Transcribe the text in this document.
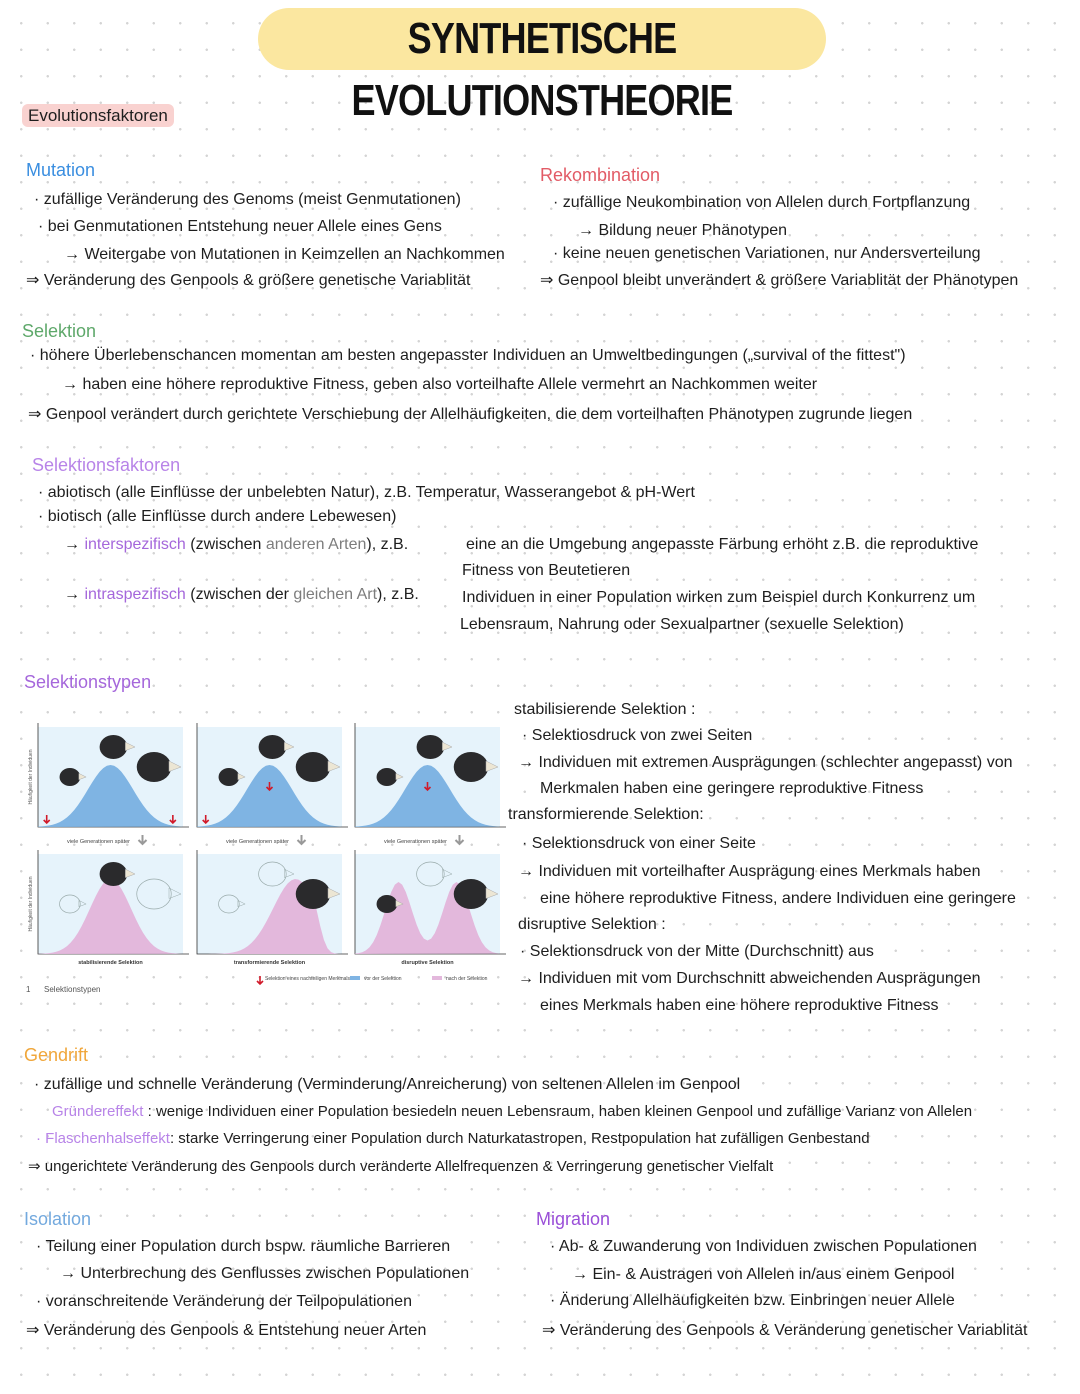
SYNTHETISCHE EVOLUTIONSTHEORIE
Evolutionsfaktoren
Mutation
· zufällige Veränderung des Genoms (meist Genmutationen)
· bei Genmutationen Entstehung neuer Allele eines Gens
→ Weitergabe von Mutationen in Keimzellen an Nachkommen
⇒ Veränderung des Genpools & größere genetische Variablität
Rekombination
· zufällige Neukombination von Allelen durch Fortpflanzung
→ Bildung neuer Phänotypen
· keine neuen genetischen Variationen, nur Andersverteilung
⇒ Genpool bleibt unverändert & größere Variablität der Phänotypen
Selektion
· höhere Überlebenschancen momentan am besten angepasster Individuen an Umweltbedingungen („survival of the fittest")
→ haben eine höhere reproduktive Fitness, geben also vorteilhafte Allele vermehrt an Nachkommen weiter
⇒ Genpool verändert durch gerichtete Verschiebung der Allelhäufigkeiten, die dem vorteilhaften Phänotypen zugrunde liegen
Selektionsfaktoren
· abiotisch (alle Einflüsse der unbelebten Natur), z.B. Temperatur, Wasserangebot & pH-Wert
· biotisch (alle Einflüsse durch andere Lebewesen)
→ interspezifisch (zwischen anderen Arten), z.B.	eine an die Umgebung angepasste Färbung erhöht z.B. die reproduktive
Fitness von Beutetieren
→ intraspezifisch (zwischen der gleichen Art), z.B.	Individuen in einer Population wirken zum Beispiel durch Konkurrenz um
Lebensraum, Nahrung oder Sexualpartner (sexuelle Selektion)
Selektionstypen
stabilisierende Selektion
viele Generationen später
transformierende Selektion
viele Generationen später
disruptive Selektion
viele Generationen später
Häufigkeit der Individuen
Häufigkeit der Individuen
Selektion eines nachteiligen Merkmals	vor der Selektion	nach der Selektion
1 Selektionstypen
stabilisierende Selektion :
· Selektiosdruck von zwei Seiten
→ Individuen mit extremen Ausprägungen (schlechter angepasst) von
Merkmalen haben eine geringere reproduktive Fitness
transformierende Selektion:
· Selektionsdruck von einer Seite
→ Individuen mit vorteilhafter Ausprägung eines Merkmals haben
eine höhere reproduktive Fitness, andere Individuen eine geringere
disruptive Selektion :
· Selektionsdruck von der Mitte (Durchschnitt) aus
→ Individuen mit vom Durchschnitt abweichenden Ausprägungen
eines Merkmals haben eine höhere reproduktive Fitness
Gendrift
· zufällige und schnelle Veränderung (Verminderung/Anreicherung) von seltenen Allelen im Genpool
Gründereffekt : wenige Individuen einer Population besiedeln neuen Lebensraum, haben kleinen Genpool und zufällige Varianz von Allelen
· Flaschenhalseffekt: starke Verringerung einer Population durch Naturkatastropen, Restpopulation hat zufälligen Genbestand
⇒ ungerichtete Veränderung des Genpools durch veränderte Allelfrequenzen & Verringerung genetischer Vielfalt
Isolation
· Teilung einer Population durch bspw. räumliche Barrieren
→ Unterbrechung des Genflusses zwischen Populationen
· voranschreitende Veränderung der Teilpopulationen
⇒ Veränderung des Genpools & Entstehung neuer Arten
Migration
· Ab- & Zuwanderung von Individuen zwischen Populationen
→ Ein- & Austragen von Allelen in/aus einem Genpool
· Änderung Allelhäufigkeiten bzw. Einbringen neuer Allele
⇒ Veränderung des Genpools & Veränderung genetischer Variablität
